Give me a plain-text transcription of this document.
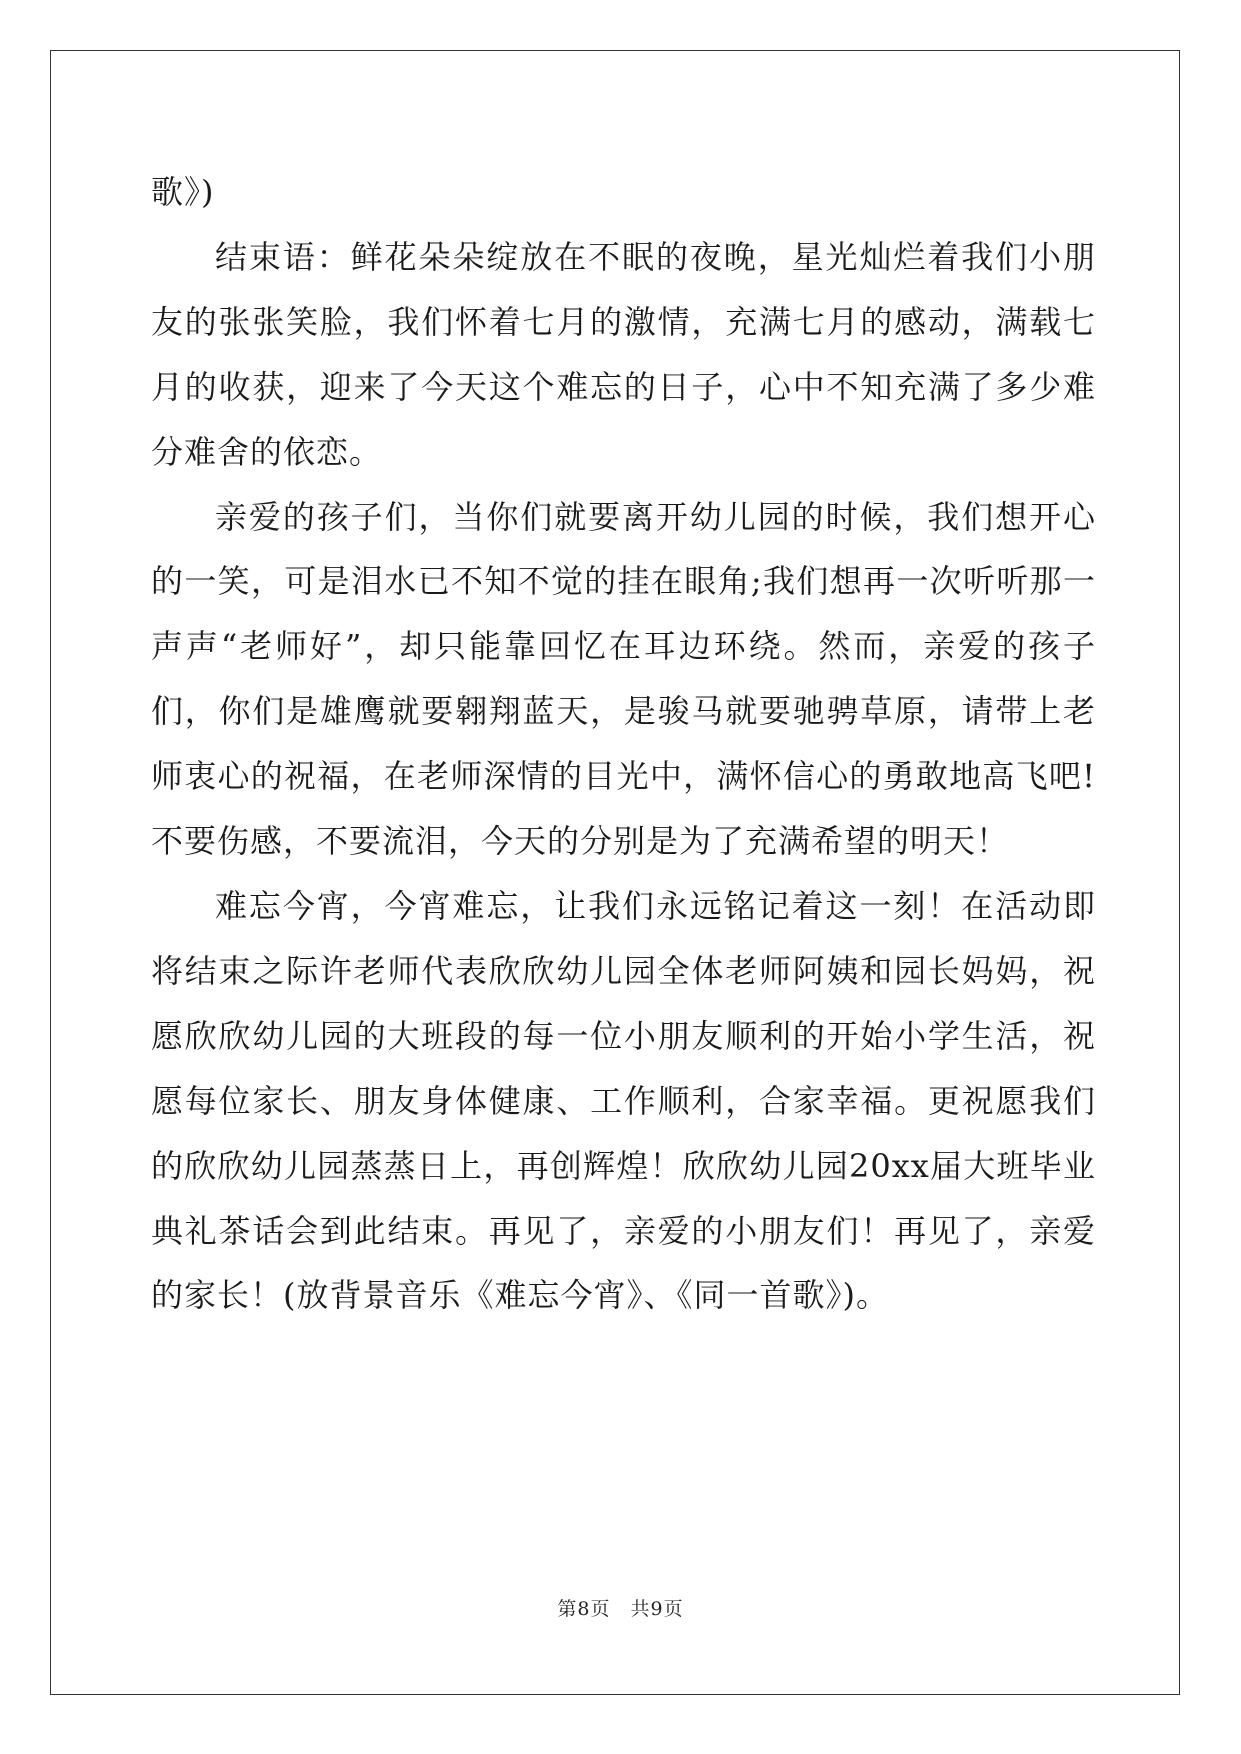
歌》)

结束语：鲜花朵朵绽放在不眠的夜晚，星光灿烂着我们小朋友的张张笑脸，我们怀着七月的激情，充满七月的感动，满载七月的收获，迎来了今天这个难忘的日子，心中不知充满了多少难分难舍的依恋。

亲爱的孩子们，当你们就要离开幼儿园的时候，我们想开心的一笑，可是泪水已不知不觉的挂在眼角;我们想再一次听听那一声声“老师好”，却只能靠回忆在耳边环绕。然而，亲爱的孩子们，你们是雄鹰就要翱翔蓝天，是骏马就要驰骋草原，请带上老师衷心的祝福，在老师深情的目光中，满怀信心的勇敢地高飞吧!不要伤感，不要流泪，今天的分别是为了充满希望的明天！

难忘今宵，今宵难忘，让我们永远铭记着这一刻！在活动即将结束之际许老师代表欣欣幼儿园全体老师阿姨和园长妈妈，祝愿欣欣幼儿园的大班段的每一位小朋友顺利的开始小学生活，祝愿每位家长、朋友身体健康、工作顺利，合家幸福。更祝愿我们的欣欣幼儿园蒸蒸日上，再创辉煌！欣欣幼儿园20xx届大班毕业典礼茶话会到此结束。再见了，亲爱的小朋友们！再见了，亲爱的家长！(放背景音乐《难忘今宵》、《同一首歌》)。

第8页 共9页
